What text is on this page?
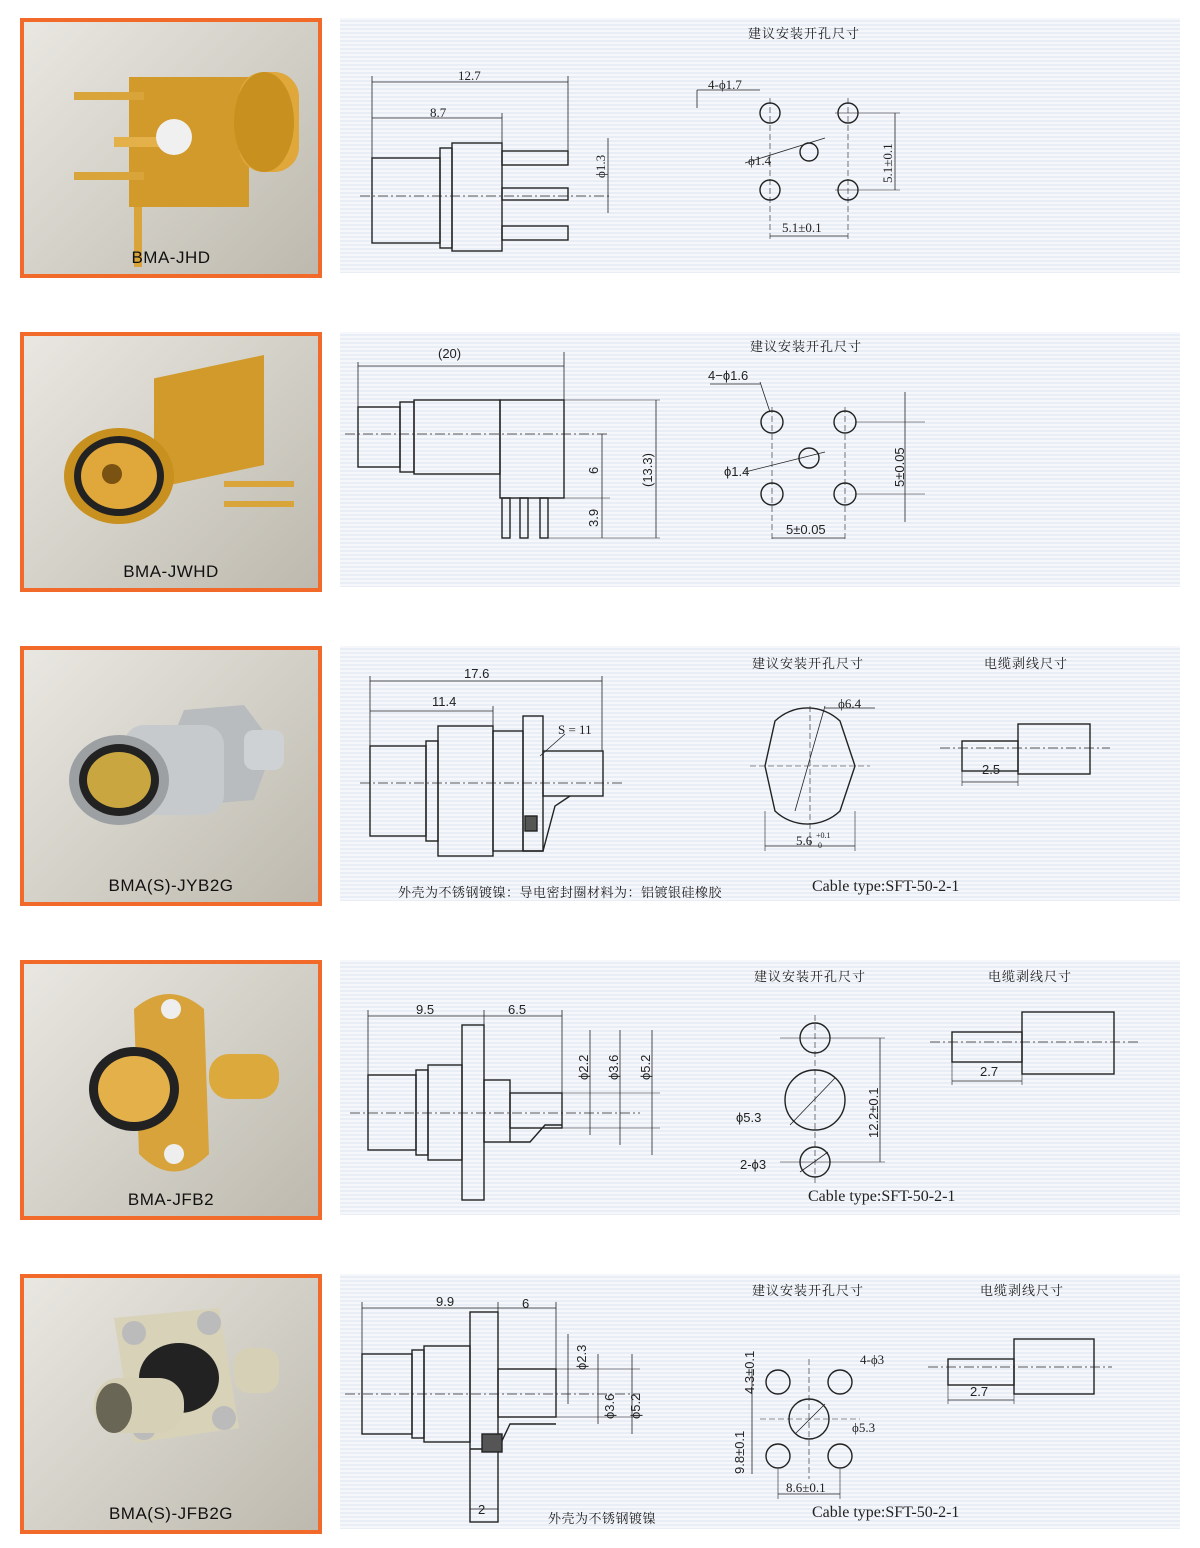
BMA-JHD
建议安装开孔尺寸
12.7
8.7
ϕ1.3
4-ϕ1.7
ϕ1.4	5.1±0.1
5.1±0.1
BMA-JWHD
建议安装开孔尺寸
(20)
6	(13.3)
3.9
4−ϕ1.6
ϕ1.4	5±0.05
5±0.05
BMA(S)-JYB2G
建议安装开孔尺寸	电缆剥线尺寸
17.6
11.4
S = 11
ϕ6.4
5.6 +0.1
0
2.5
外壳为不锈钢镀镍：导电密封圈材料为：铝镀银硅橡胶	Cable type:SFT-50-2-1
BMA-JFB2
建议安装开孔尺寸	电缆剥线尺寸
9.5	6.5
ϕ2.2 ϕ3.6 ϕ5.2
ϕ5.3
2-ϕ3
12.2±0.1
2.7
Cable type:SFT-50-2-1
BMA(S)-JFB2G
建议安装开孔尺寸	电缆剥线尺寸
9.9	6
ϕ2.3
ϕ3.6 ϕ5.2
2
4.3±0.1
9.8±0.1
4-ϕ3
ϕ5.3
8.6±0.1
2.7
外壳为不锈钢镀镍	Cable type:SFT-50-2-1
